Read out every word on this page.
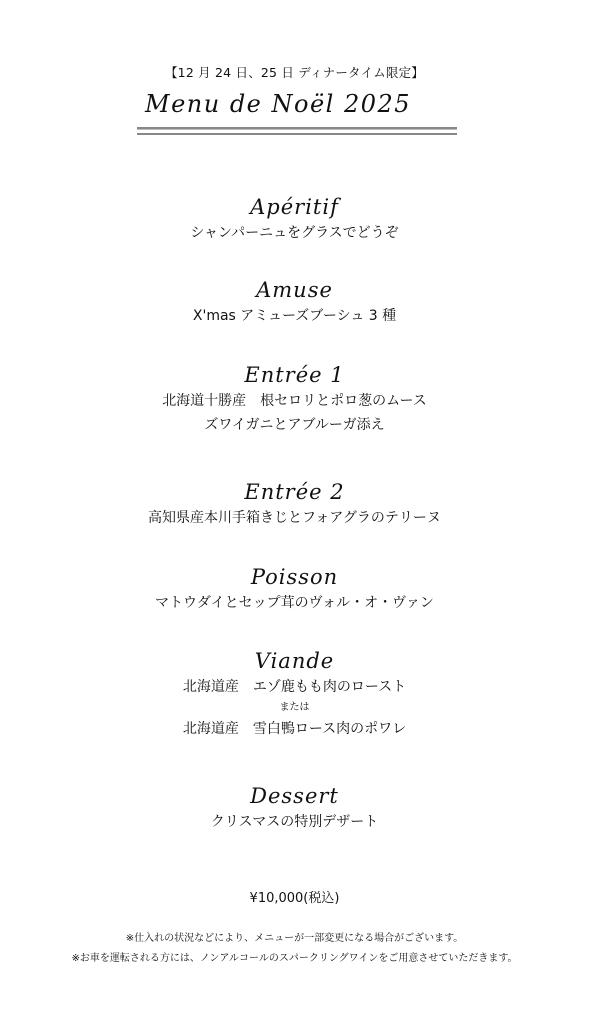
【12 月 24 日、25 日 ディナータイム限定】
Menu de Noël 2025
Apéritif
シャンパーニュをグラスでどうぞ
Amuse
X'mas アミューズブーシュ 3 種
Entrée 1
北海道十勝産　根セロリとポロ葱のムース
ズワイガニとアブルーガ添え
Entrée 2
高知県産本川手箱きじとフォアグラのテリーヌ
Poisson
マトウダイとセップ茸のヴォル・オ・ヴァン
Viande
北海道産　エゾ鹿もも肉のロースト
または
北海道産　雪白鴨ロース肉のポワレ
Dessert
クリスマスの特別デザート
¥10,000(税込)
※仕入れの状況などにより、メニューが一部変更になる場合がございます。
※お車を運転される方には、ノンアルコールのスパークリングワインをご用意させていただきます。
